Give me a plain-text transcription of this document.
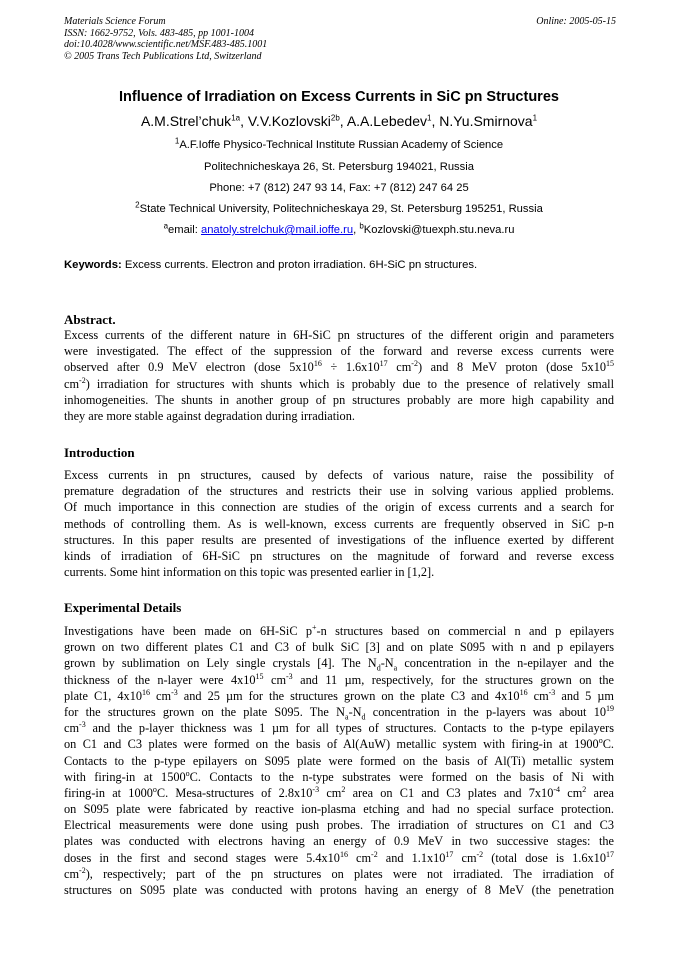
Materials Science Forum
ISSN: 1662-9752, Vols. 483-485, pp 1001-1004
doi:10.4028/www.scientific.net/MSF.483-485.1001
© 2005 Trans Tech Publications Ltd, Switzerland
Online: 2005-05-15
Influence of Irradiation on Excess Currents in SiC pn Structures
A.M.Strel’chuk$^{1a}$, V.V.Kozlovski$^{2b}$, A.A.Lebedev$^1$, N.Yu.Smirnova$^1$
$^1$A.F.Ioffe Physico-Technical Institute Russian Academy of Science
Politechnicheskaya 26, St. Petersburg 194021, Russia
Phone: +7 (812) 247 93 14, Fax: +7 (812) 247 64 25
$^2$State Technical University, Politechnicheskaya 29, St. Petersburg 195251, Russia
$^a$email: anatoly.strelchuk@mail.ioffe.ru, $^b$Kozlovski@tuexph.stu.neva.ru
Keywords: Excess currents. Electron and proton irradiation. 6H-SiC pn structures.
Abstract.
Excess currents of the different nature in 6H-SiC pn structures of the different origin and parameters
were investigated. The effect of the suppression of the forward and reverse excess currents were
observed after 0.9 MeV electron (dose $5x10^{16} \div 1.6x10^{17}$ $cm^{-2}$) and 8 MeV proton (dose $5x10^{15}$
$cm^{-2}$) irradiation for structures with shunts which is probably due to the presence of relatively small
inhomogeneities. The shunts in another group of pn structures probably are more high capability and
they are more stable against degradation during irradiation.
Introduction
Excess currents in pn structures, caused by defects of various nature, raise the possibility of
premature degradation of the structures and restricts their use in solving various applied problems.
Of much importance in this connection are studies of the origin of excess currents and a search for
methods of controlling them. As is well-known, excess currents are frequently observed in SiC p-n
structures. In this paper results are presented of investigations of the influence exerted by different
kinds of irradiation of 6H-SiC pn structures on the magnitude of forward and reverse excess
currents. Some hint information on this topic was presented earlier in [1,2].
Experimental Details
Investigations have been made on 6H-SiC p+-n structures based on commercial n and p epilayers
grown on two different plates C1 and C3 of bulk SiC [3] and on plate S095 with n and p epilayers
grown by sublimation on Lely single crystals [4]. The $N_d-N_a$ concentration in the n-epilayer and the
thickness of the n-layer were $4x10^{15}$ $cm^{-3}$ and 11 µm, respectively, for the structures grown on the
plate C1, $4x10^{16}$ $cm^{-3}$ and 25 µm for the structures grown on the plate C3 and $4x10^{16}$ $cm^{-3}$ and 5 µm
for the structures grown on the plate S095. The $N_a-N_d$ concentration in the p-layers was about $10^{19}$
$cm^{-3}$ and the p-layer thickness was 1 µm for all types of structures. Contacts to the p-type epilayers
on C1 and C3 plates were formed on the basis of Al(AuW) metallic system with firing-in at 1900$^o$C.
Contacts to the p-type epilayers on S095 plate were formed on the basis of Al(Ti) metallic system
with firing-in at 1500$^o$C. Contacts to the n-type substrates were formed on the basis of Ni with
firing-in at 1000$^o$C. Mesa-structures of $2.8x10^{-3}$ $cm^2$ area on C1 and C3 plates and $7x10^{-4}$ $cm^2$ area
on S095 plate were fabricated by reactive ion-plasma etching and had no special surface protection.
Electrical measurements were done using push probes. The irradiation of structures on C1 and C3
plates was conducted with electrons having an energy of 0.9 MeV in two successive stages: the
doses in the first and second stages were $5.4x10^{16}$ $cm^{-2}$ and $1.1x10^{17}$ $cm^{-2}$ (total dose is $1.6x10^{17}$
$cm^{-2}$), respectively; part of the pn structures on plates were not irradiated. The irradiation of
structures on S095 plate was conducted with protons having an energy of 8 MeV (the penetration
